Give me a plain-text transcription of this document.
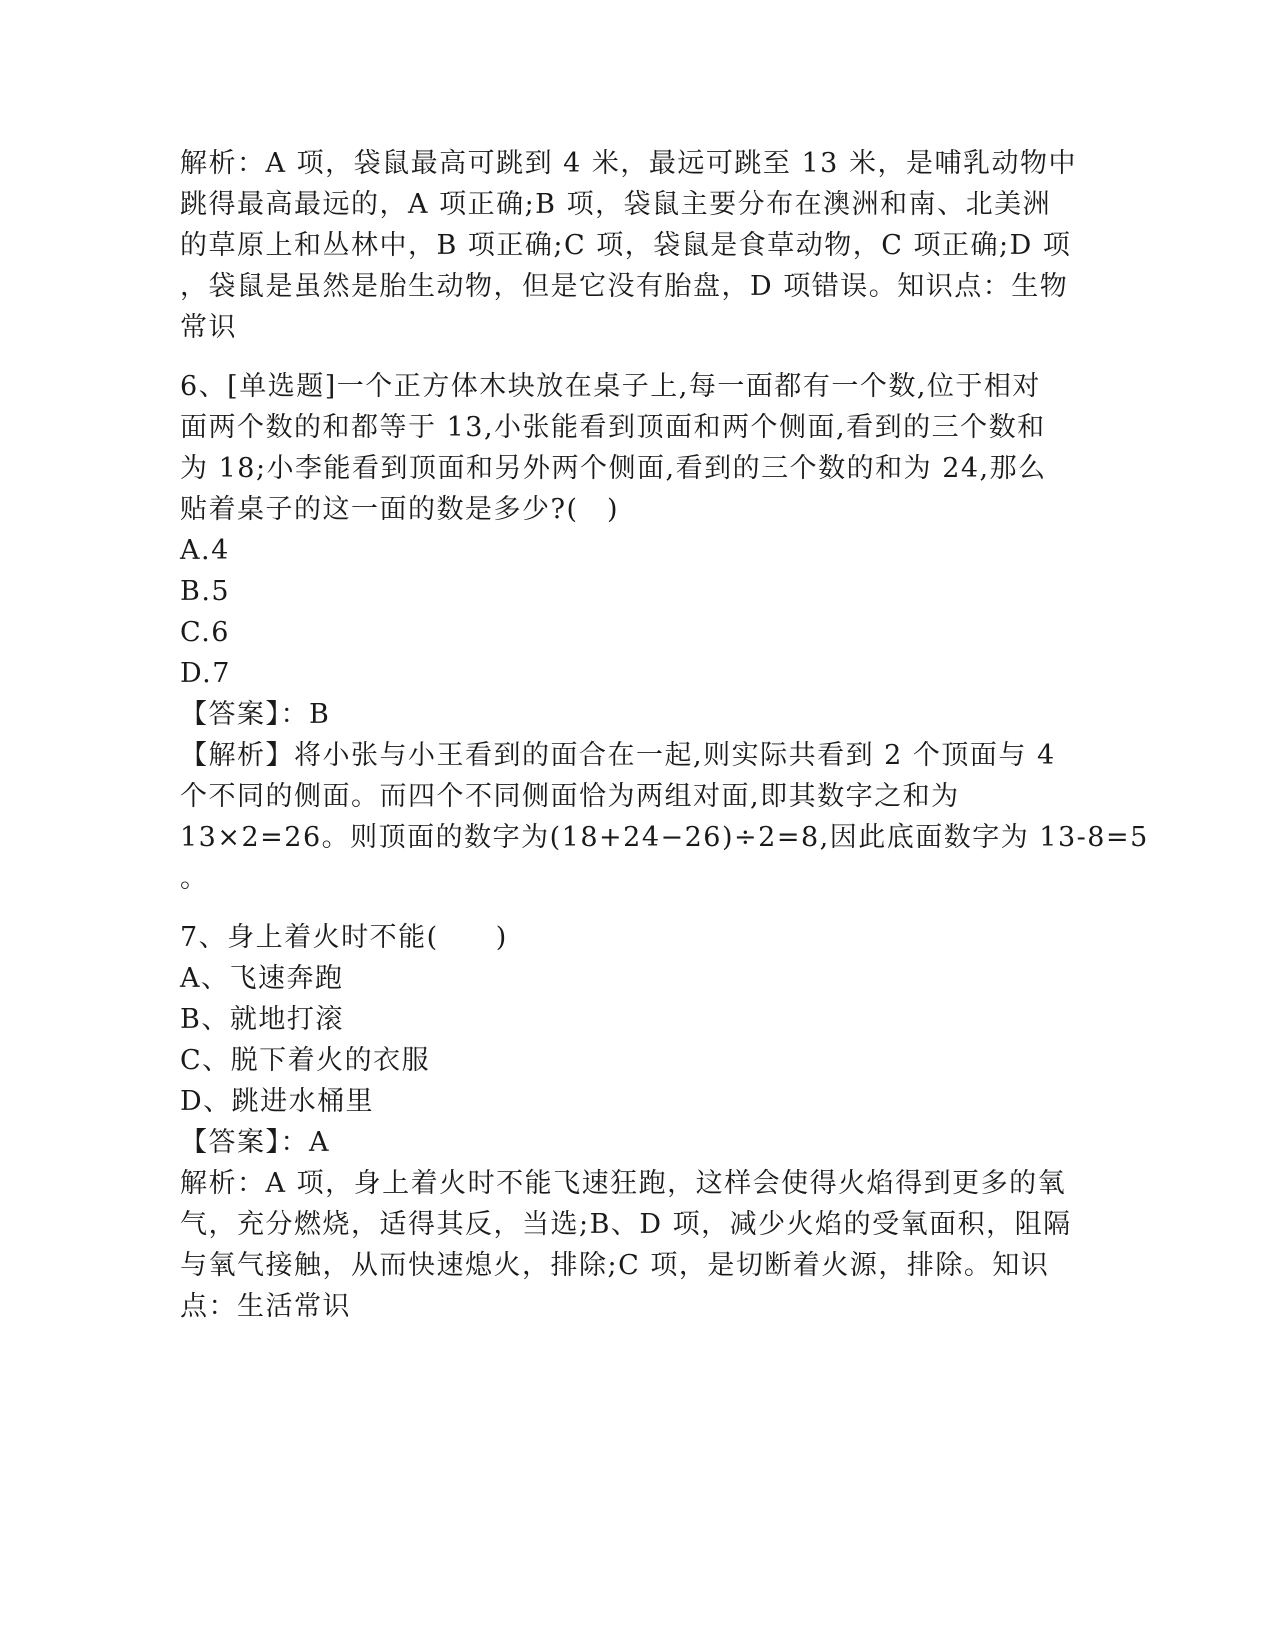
解析：A 项，袋鼠最高可跳到 4 米，最远可跳至 13 米，是哺乳动物中
跳得最高最远的，A 项正确;B 项，袋鼠主要分布在澳洲和南、北美洲
的草原上和丛林中，B 项正确;C 项，袋鼠是食草动物，C 项正确;D 项
，袋鼠是虽然是胎生动物，但是它没有胎盘，D 项错误。知识点：生物
常识
6、[单选题]一个正方体木块放在桌子上,每一面都有一个数,位于相对
面两个数的和都等于 13,小张能看到顶面和两个侧面,看到的三个数和
为 18;小李能看到顶面和另外两个侧面,看到的三个数的和为 24,那么
贴着桌子的这一面的数是多少?(　)
A.4
B.5
C.6
D.7
【答案】：B
【解析】将小张与小王看到的面合在一起,则实际共看到 2 个顶面与 4
个不同的侧面。而四个不同侧面恰为两组对面,即其数字之和为
13×2=26。则顶面的数字为(18+24−26)÷2=8,因此底面数字为 13-8=5
。
7、身上着火时不能(　　)
A、飞速奔跑
B、就地打滚
C、脱下着火的衣服
D、跳进水桶里
【答案】：A
解析：A 项，身上着火时不能飞速狂跑，这样会使得火焰得到更多的氧
气，充分燃烧，适得其反，当选;B、D 项，减少火焰的受氧面积，阻隔
与氧气接触，从而快速熄火，排除;C 项，是切断着火源，排除。知识
点：生活常识
